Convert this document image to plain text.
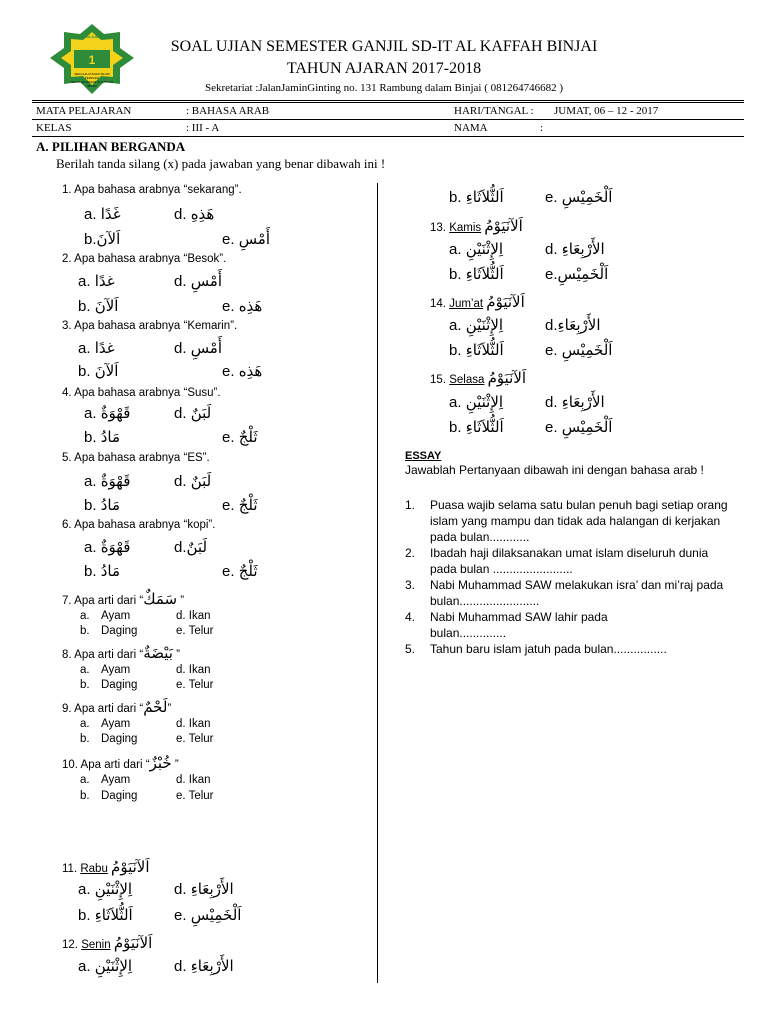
1
SDIT ALKAFFAH
SEKOLAH DASAR ISLAM TERPADU
SEKOLAH DASAR AL KAFFAH BINJAI
SOAL UJIAN SEMESTER GANJIL SD-IT AL KAFFAH BINJAI
TAHUN AJARAN 2017-2018
Sekretariat :JalanJaminGinting no. 131 Rambung dalam Binjai ( 081264746682 )
MATA PELAJARAN	: BAHASA ARAB	HARI/TANGAL : JUMAT, 06 – 12 - 2017
KELAS	: III - A	NAMA	:
A. PILIHAN BERGANDA
Berilah tanda silang (x) pada jawaban yang benar dibawah ini !
1. Apa bahasa arabnya “sekarang”.
a. غَدًا	d. هَذِهِ
b.اَلآنَ	e. أَمْسِ
2. Apa bahasa arabnya “Besok”.
a. غدًا	d. أَمْسِ
b. اَلآنَ	e. هَذِه
3. Apa bahasa arabnya “Kemarin”.
a. غدًا	d. أَمْسِ
b. اَلآنَ	e. هَذِه
4. Apa bahasa arabnya “Susu”.
a. قَهْوَةٌ	d. لَبَنٌ
b. مَادُ	e. ثَلْجٌ
5. Apa bahasa arabnya “ES”.
a. قَهْوَةٌ	d. لَبَنٌ
b. مَادُ	e. ثَلْجٌ
6. Apa bahasa arabnya “kopi”.
a. قَهْوَةٌ	d.لَبَنٌ
b. مَادُ	e. ثَلْجٌ
7. Apa arti dari “سَمَكٌ ”
a. Ayam	d. Ikan
b. Daging	e. Telur
8. Apa arti dari “بَيْضَةٌ ”
a. Ayam	d. Ikan
b. Daging	e. Telur
9. Apa arti dari “لَحْمٌ”
a. Ayam	d. Ikan
b. Daging	e. Telur
10. Apa arti dari “خُبْزٌ ”
a. Ayam	d. Ikan
b. Daging	e. Telur
11. Rabu اَلآنَيَوْمُ
a. اِلإِثْنَيْنِ	d. الأَرْبِعَاءِ
b. اَلثُّلاَثَاءِ	e. اَلْخَمِيْسِ
12. Senin اَلآنَيَوْمُ
a. اِلإِثْنَيْنِ	d. الأَرْبِعَاءِ
b. اَلثُّلاَثَاءِ	e. اَلْخَمِيْسِ
13. Kamis اَلآنَيَوْمُ
a. اِلإِثْنَيْنِ	d. الأَرْبِعَاءِ
b. اَلثُّلاَثَاءِ	e.اَلْخَمِيْسِ
14. Jum’at اَلآنَيَوْمُ
a. اِلإِثْنَيْنِ	d.الأَرْبِعَاءِ
b. اَلثُّلاَثَاءِ	e. اَلْخَمِيْسِ
15. Selasa اَلآنَيَوْمُ
a. اِلإِثْنَيْنِ	d. الأَرْبِعَاءِ
b. اَلثُّلاَثَاءِ	e. اَلْخَمِيْسِ
ESSAY
Jawablah Pertanyaan dibawah ini dengan bahasa arab !
1. Puasa wajib selama satu bulan penuh bagi setiap orang islam yang mampu dan tidak ada halangan di kerjakan pada bulan............
2. Ibadah haji dilaksanakan umat islam diseluruh dunia pada bulan ........................
3. Nabi Muhammad SAW melakukan isra’ dan mi’raj pada bulan........................
4. Nabi Muhammad SAW lahir pada bulan..............
5. Tahun baru islam jatuh pada bulan................
